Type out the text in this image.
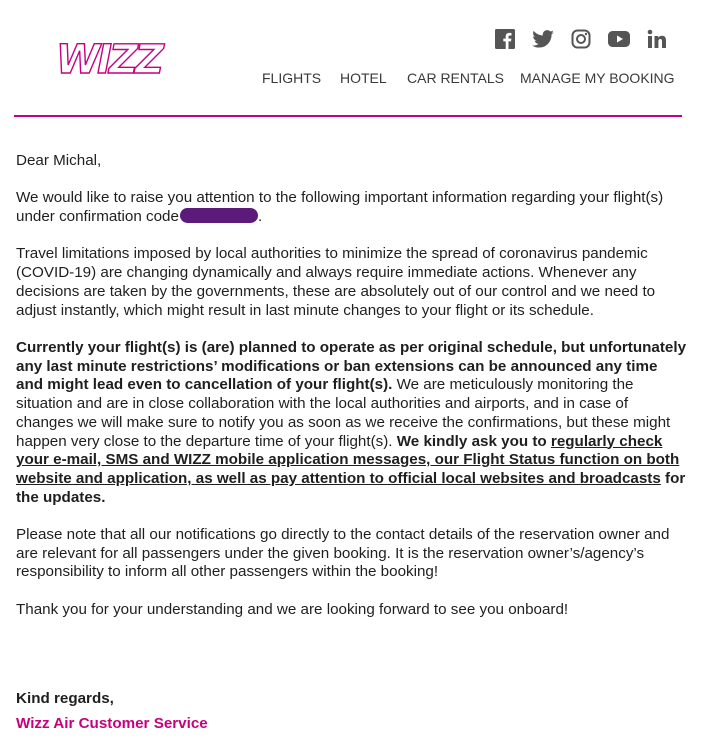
WIZZ	FLIGHTS HOTEL CAR RENTALS MANAGE MY BOOKING

Dear Michal,

We would like to raise you attention to the following important information regarding your flight(s) under confirmation code	.

Travel limitations imposed by local authorities to minimize the spread of coronavirus pandemic (COVID-19) are changing dynamically and always require immediate actions. Whenever any decisions are taken by the governments, these are absolutely out of our control and we need to adjust instantly, which might result in last minute changes to your flight or its schedule.

Currently your flight(s) is (are) planned to operate as per original schedule, but unfortunately any last minute restrictions’ modifications or ban extensions can be announced any time and might lead even to cancellation of your flight(s). We are meticulously monitoring the situation and are in close collaboration with the local authorities and airports, and in case of changes we will make sure to notify you as soon as we receive the confirmations, but these might happen very close to the departure time of your flight(s). We kindly ask you to regularly check your e-mail, SMS and WIZZ mobile application messages, our Flight Status function on both website and application, as well as pay attention to official local websites and broadcasts for the updates.

Please note that all our notifications go directly to the contact details of the reservation owner and are relevant for all passengers under the given booking. It is the reservation owner’s/agency’s responsibility to inform all other passengers within the booking!

Thank you for your understanding and we are looking forward to see you onboard!

Kind regards,
Wizz Air Customer Service
